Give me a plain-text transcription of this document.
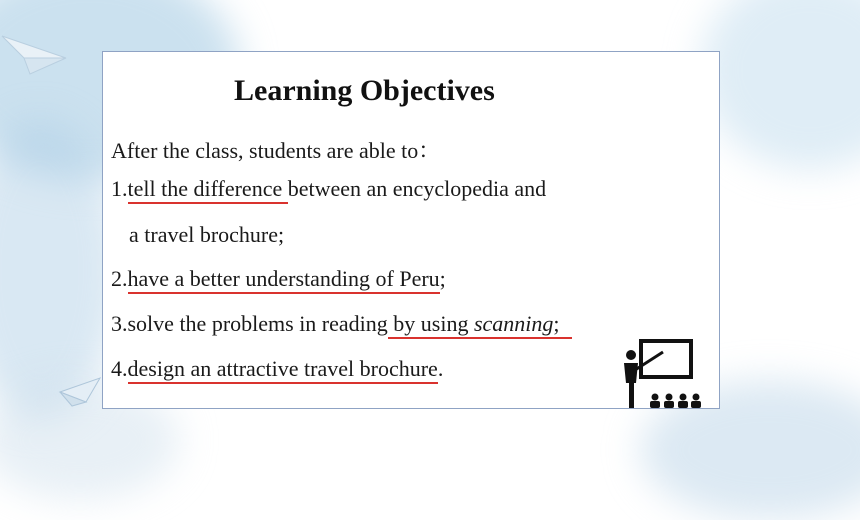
Learning Objectives
After the class, students are able to：
1.tell the difference between an encyclopedia and
a travel brochure;
2.have a better understanding of Peru;
3.solve the problems in reading by using scanning;
4.design an attractive travel brochure.
